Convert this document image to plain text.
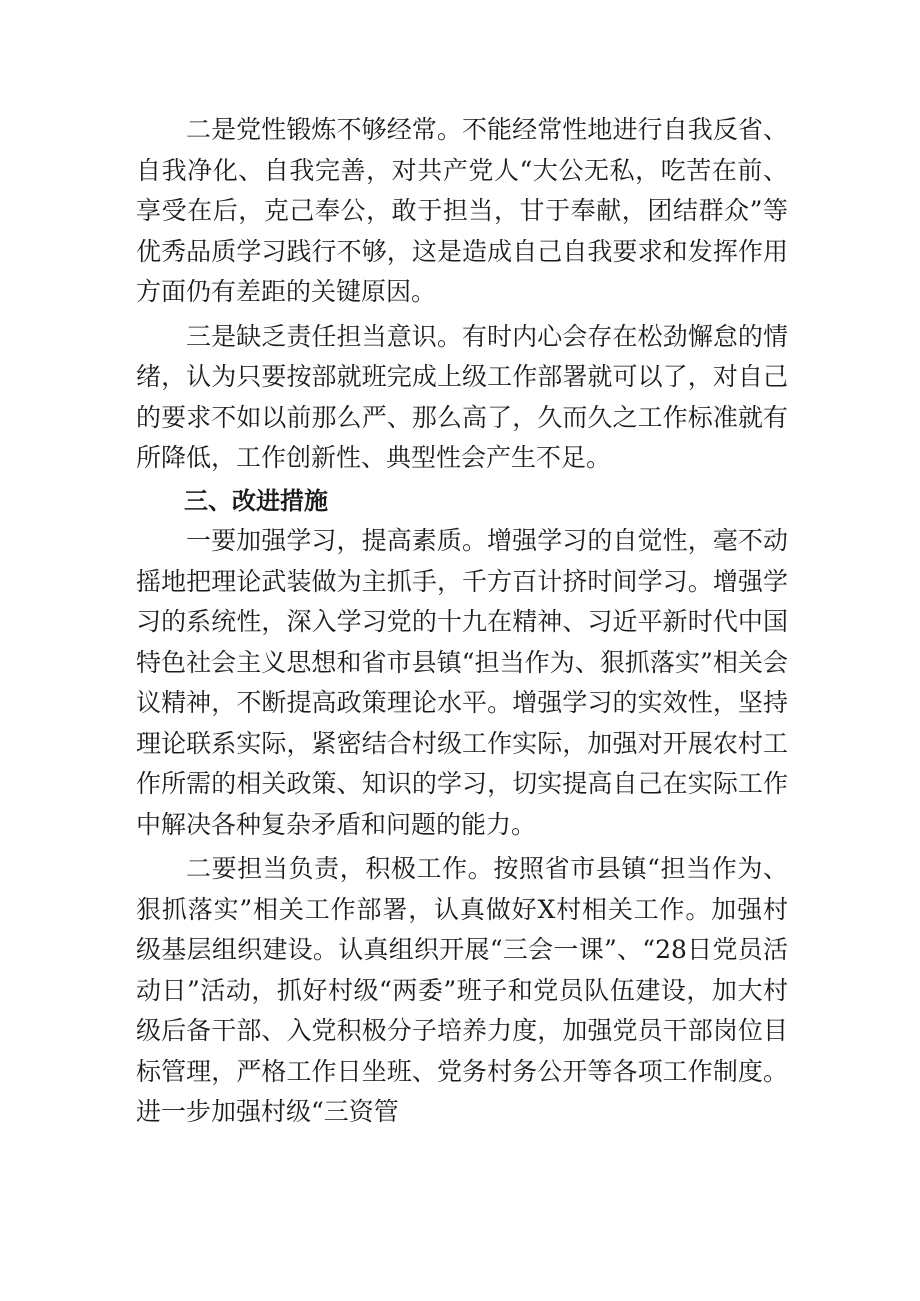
二是党性锻炼不够经常。不能经常性地进行自我反省、自我净化、自我完善，对共产党人“大公无私，吃苦在前、享受在后，克己奉公，敢于担当，甘于奉献，团结群众”等优秀品质学习践行不够，这是造成自己自我要求和发挥作用方面仍有差距的关键原因。

三是缺乏责任担当意识。有时内心会存在松劲懈怠的情绪，认为只要按部就班完成上级工作部署就可以了，对自己的要求不如以前那么严、那么高了，久而久之工作标准就有所降低，工作创新性、典型性会产生不足。

三、改进措施

一要加强学习，提高素质。增强学习的自觉性，毫不动摇地把理论武装做为主抓手，千方百计挤时间学习。增强学习的系统性，深入学习党的十九在精神、习近平新时代中国特色社会主义思想和省市县镇“担当作为、狠抓落实”相关会议精神，不断提高政策理论水平。增强学习的实效性，坚持理论联系实际，紧密结合村级工作实际，加强对开展农村工作所需的相关政策、知识的学习，切实提高自己在实际工作中解决各种复杂矛盾和问题的能力。

二要担当负责，积极工作。按照省市县镇“担当作为、狠抓落实”相关工作部署，认真做好X村相关工作。加强村级基层组织建设。认真组织开展“三会一课”、“28日党员活动日”活动，抓好村级“两委”班子和党员队伍建设，加大村级后备干部、入党积极分子培养力度，加强党员干部岗位目标管理，严格工作日坐班、党务村务公开等各项工作制度。进一步加强村级“三资管
